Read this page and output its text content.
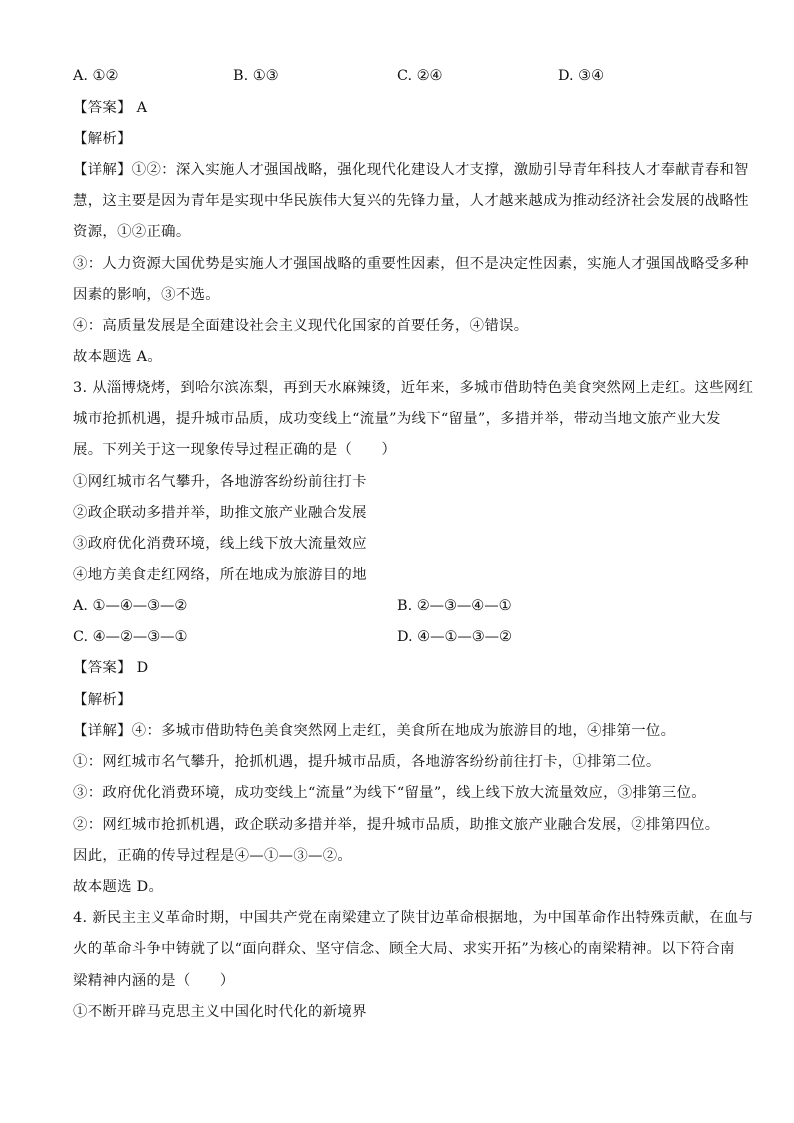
A. ①②	B. ①③	C. ②④	D. ③④
【答案】 A
【解析】
【详解】①②：深入实施人才强国战略，强化现代化建设人才支撑，激励引导青年科技人才奉献青春和智
慧，这主要是因为青年是实现中华民族伟大复兴的先锋力量，人才越来越成为推动经济社会发展的战略性
资源，①②正确。
③：人力资源大国优势是实施人才强国战略的重要性因素，但不是决定性因素，实施人才强国战略受多种
因素的影响，③不选。
④：高质量发展是全面建设社会主义现代化国家的首要任务，④错误。
故本题选 A。
3. 从淄博烧烤，到哈尔滨冻梨，再到天水麻辣烫，近年来，多城市借助特色美食突然网上走红。这些网红
城市抢抓机遇，提升城市品质，成功变线上“流量”为线下“留量”，多措并举，带动当地文旅产业大发
展。下列关于这一现象传导过程正确的是（　　）
①网红城市名气攀升，各地游客纷纷前往打卡
②政企联动多措并举，助推文旅产业融合发展
③政府优化消费环境，线上线下放大流量效应
④地方美食走红网络，所在地成为旅游目的地
A. ①—④—③—②	B. ②—③—④—①
C. ④—②—③—①	D. ④—①—③—②
【答案】 D
【解析】
【详解】④：多城市借助特色美食突然网上走红，美食所在地成为旅游目的地，④排第一位。
①：网红城市名气攀升，抢抓机遇，提升城市品质，各地游客纷纷前往打卡，①排第二位。
③：政府优化消费环境，成功变线上“流量”为线下“留量”，线上线下放大流量效应，③排第三位。
②：网红城市抢抓机遇，政企联动多措并举，提升城市品质，助推文旅产业融合发展，②排第四位。
因此，正确的传导过程是④—①—③—②。
故本题选 D。
4. 新民主主义革命时期，中国共产党在南梁建立了陕甘边革命根据地，为中国革命作出特殊贡献，在血与
火的革命斗争中铸就了以“面向群众、坚守信念、顾全大局、求实开拓”为核心的南梁精神。以下符合南
梁精神内涵的是（　　）
①不断开辟马克思主义中国化时代化的新境界
